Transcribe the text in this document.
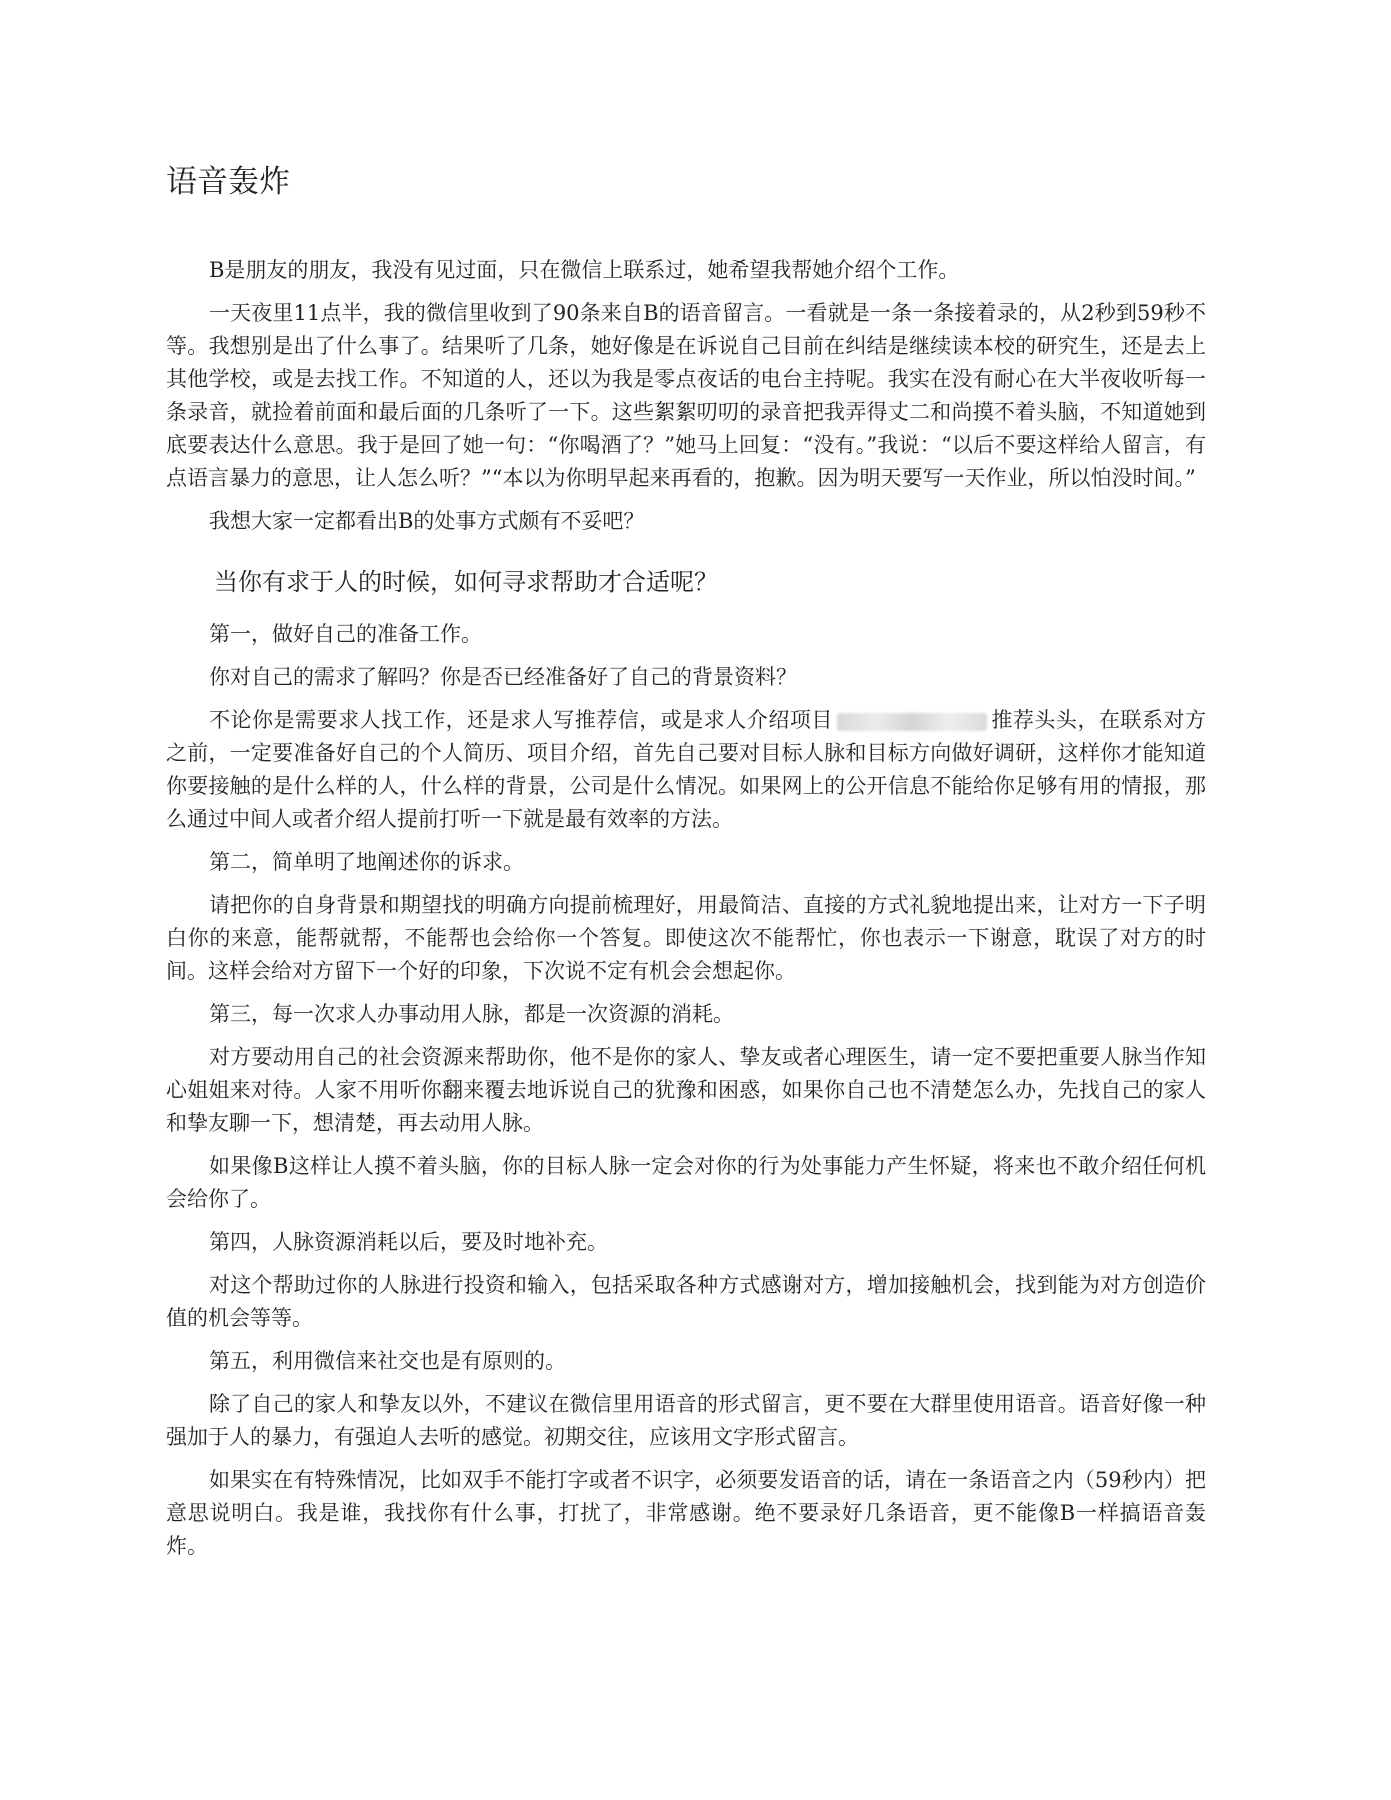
语音轰炸

B是朋友的朋友，我没有见过面，只在微信上联系过，她希望我帮她介绍个工作。

一天夜里11点半，我的微信里收到了90条来自B的语音留言。一看就是一条一条接着录的，从2秒到59秒不等。我想别是出了什么事了。结果听了几条，她好像是在诉说自己目前在纠结是继续读本校的研究生，还是去上其他学校，或是去找工作。不知道的人，还以为我是零点夜话的电台主持呢。我实在没有耐心在大半夜收听每一条录音，就捡着前面和最后面的几条听了一下。这些絮絮叨叨的录音把我弄得丈二和尚摸不着头脑，不知道她到底要表达什么意思。我于是回了她一句：“你喝酒了？”她马上回复：“没有。”我说：“以后不要这样给人留言，有点语言暴力的意思，让人怎么听？”“本以为你明早起来再看的，抱歉。因为明天要写一天作业，所以怕没时间。”

我想大家一定都看出B的处事方式颇有不妥吧？

当你有求于人的时候，如何寻求帮助才合适呢？

第一，做好自己的准备工作。

你对自己的需求了解吗？你是否已经准备好了自己的背景资料？

不论你是需要求人找工作，还是求人写推荐信，或是求人介绍项目	推荐头头，在联系对方之前，一定要准备好自己的个人简历、项目介绍，首先自己要对目标人脉和目标方向做好调研，这样你才能知道你要接触的是什么样的人，什么样的背景，公司是什么情况。如果网上的公开信息不能给你足够有用的情报，那么通过中间人或者介绍人提前打听一下就是最有效率的方法。

第二，简单明了地阐述你的诉求。

请把你的自身背景和期望找的明确方向提前梳理好，用最简洁、直接的方式礼貌地提出来，让对方一下子明白你的来意，能帮就帮，不能帮也会给你一个答复。即使这次不能帮忙，你也表示一下谢意，耽误了对方的时间。这样会给对方留下一个好的印象，下次说不定有机会会想起你。

第三，每一次求人办事动用人脉，都是一次资源的消耗。

对方要动用自己的社会资源来帮助你，他不是你的家人、挚友或者心理医生，请一定不要把重要人脉当作知心姐姐来对待。人家不用听你翻来覆去地诉说自己的犹豫和困惑，如果你自己也不清楚怎么办，先找自己的家人和挚友聊一下，想清楚，再去动用人脉。

如果像B这样让人摸不着头脑，你的目标人脉一定会对你的行为处事能力产生怀疑，将来也不敢介绍任何机会给你了。

第四，人脉资源消耗以后，要及时地补充。

对这个帮助过你的人脉进行投资和输入，包括采取各种方式感谢对方，增加接触机会，找到能为对方创造价值的机会等等。

第五，利用微信来社交也是有原则的。

除了自己的家人和挚友以外，不建议在微信里用语音的形式留言，更不要在大群里使用语音。语音好像一种强加于人的暴力，有强迫人去听的感觉。初期交往，应该用文字形式留言。

如果实在有特殊情况，比如双手不能打字或者不识字，必须要发语音的话，请在一条语音之内（59秒内）把意思说明白。我是谁，我找你有什么事，打扰了，非常感谢。绝不要录好几条语音，更不能像B一样搞语音轰炸。
